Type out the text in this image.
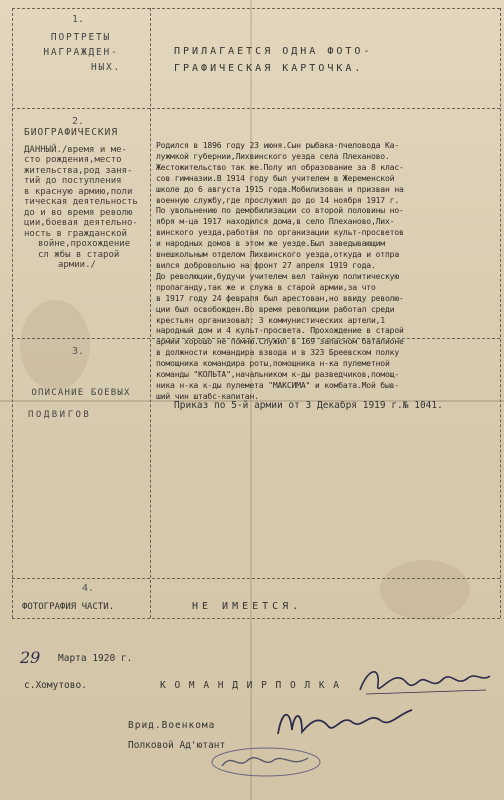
1.
ПОРТРЕТЫ
НАГРАЖДЕН-
НЫХ.
ПРИЛАГАЕТСЯ ОДНА ФОТО-
ГРАФИЧЕСКАЯ КАРТОЧКА.
2.
БИОГРАФИЧЕСКИЯ
ДАННЫЙ./время и ме-
стo рождения,место
жительства,род заня-
тий до поступления
в красную армию,поли
тическая деятельность
до и во время револю
ции,боевая деятельно-
ность в гражданской
войне,прохождение
сл жбы в старой
армии./
Родился в 1896 году 23 июня.Сын рыбака-пчеловода Ка-
лужмкой губернии,Лихвинского уезда села Плеханово.
Жестожительство так же.Полу ил образование за 8 клас-
сов гимназии.В 1914 году был учителем в Жеременской
школе до 6 августа 1915 года.Мобилизован и призван на
военную службу,где прослужил до до 14 ноября 1917 г.
По увольнению по демобилизации со второй половины но-
ября м-ца 1917 находился дома,в село Плеханово,Лих-
винского уезда,работая по организации культ-просветов
и народных домов в этом же уезде.Был заведывающим
внешкольным отделом Лихвинского уезда,откуда и отпра
вился добровольно на фронт 27 апреля 1919 года.
До революции,будучи учителем вел тайную политическую
пропаганду,так же и служа в старой армии,за что
в 1917 году 24 февраля был арестован,но ввиду револю-
ции был освобожден.Во время революции работал среди
крестьян организовал: 3 коммунистических артели,1
народный дом и 4 культ-просвета. Прохождение в старой
армии хорошо не помню.Служил в 169 запасном баталионе
в должности командира взвода и в 323 Бреевском полку
помощника командира роты,помощника н-ка пулеметной
команды "КОЛЬТА",начальником к-ды разведчиков,помощ-
ника н-ка к-ды пулемета "МАКСИМА" и комбата.Мой быв-
ший чин штабс-капитан.
3.
ОПИСАНИЕ БОЕВЫХ
ПОДВИГОВ
Приказ по 5-й армии от 3 Декабря 1919 г.№ 1041.
4.
ФОТОГРАФИЯ ЧАСТИ.	НЕ ИМЕЕТСЯ.
29 Марта 1920 г.
с.Хомутово.	К О М А Н Д И Р П О Л К А
Врид.Военкома
Полковой Ад'ютант
